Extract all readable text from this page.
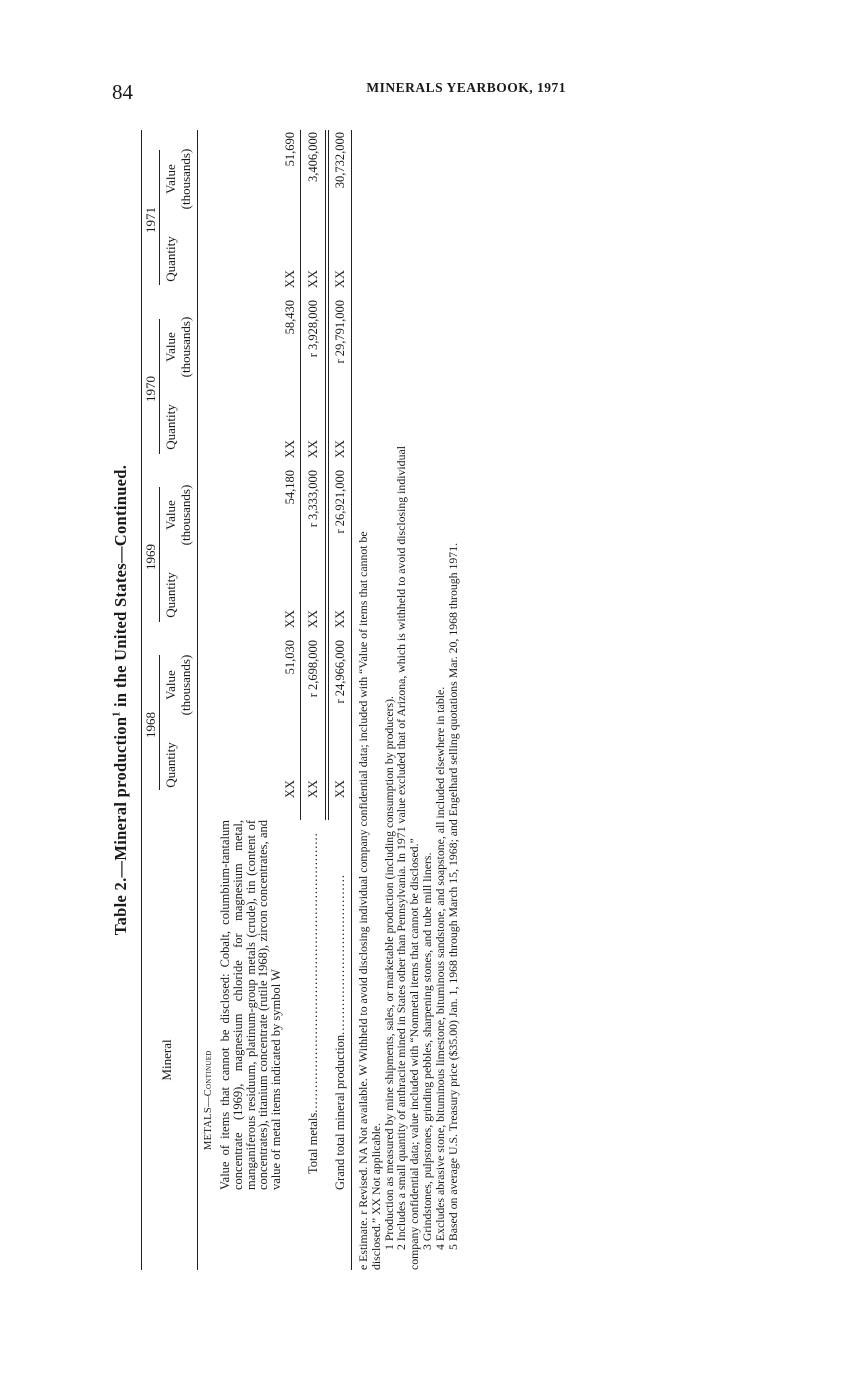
84	MINERALS YEARBOOK, 1971
Table 2.—Mineral production$^1$ in the United States—Continued.
Mineral
1968
1969
1970
1971
Quantity
Value
(thousands)
Quantity
Value
(thousands)
Quantity
Value
(thousands)
Quantity
Value
(thousands)
METALS—Continued Value of items that cannot be disclosed: Cobalt, columbium-tantalum concentrate (1969), magnesium chloride for magnesium metal, manganiferous residuum, platinum-group metals (crude), tin (content of concentrates), titanium concentrate (rutile 1968), zircon concentrates, and value of metal items indicated by symbol W
XX
51,030
XX
54,180
XX
58,430
XX
51,690
Total metals....................................................................
XX
r 2,698,000
XX
r 3,333,000
XX
r 3,928,000
XX
3,406,000
Grand total mineral production.......................................
XX
r 24,966,000
XX
r 26,921,000
XX
r 29,791,000
XX
30,732,000
e Estimate. r Revised. NA Not available. W Withheld to avoid disclosing individual company confidential data; included with “Value of items that cannot be
disclosed.” XX Not applicable.
1 Production as measured by mine shipments, sales, or marketable production (including consumption by producers).
2 Includes a small quantity of anthracite mined in States other than Pennsylvania. In 1971 value excluded that of Arizona, which is withheld to avoid disclosing individual
company confidential data; value included with “Nonmetal items that cannot be disclosed.”
3 Grindstones, pulpstones, grinding pebbles, sharpening stones, and tube mill liners.
4 Excludes abrasive stone, bituminous limestone, bituminous sandstone, and soapstone, all included elsewhere in table.
5 Based on average U.S. Treasury price ($35.00) Jan. 1, 1968 through March 15, 1968; and Engelhard selling quotations Mar. 20, 1968 through 1971.
